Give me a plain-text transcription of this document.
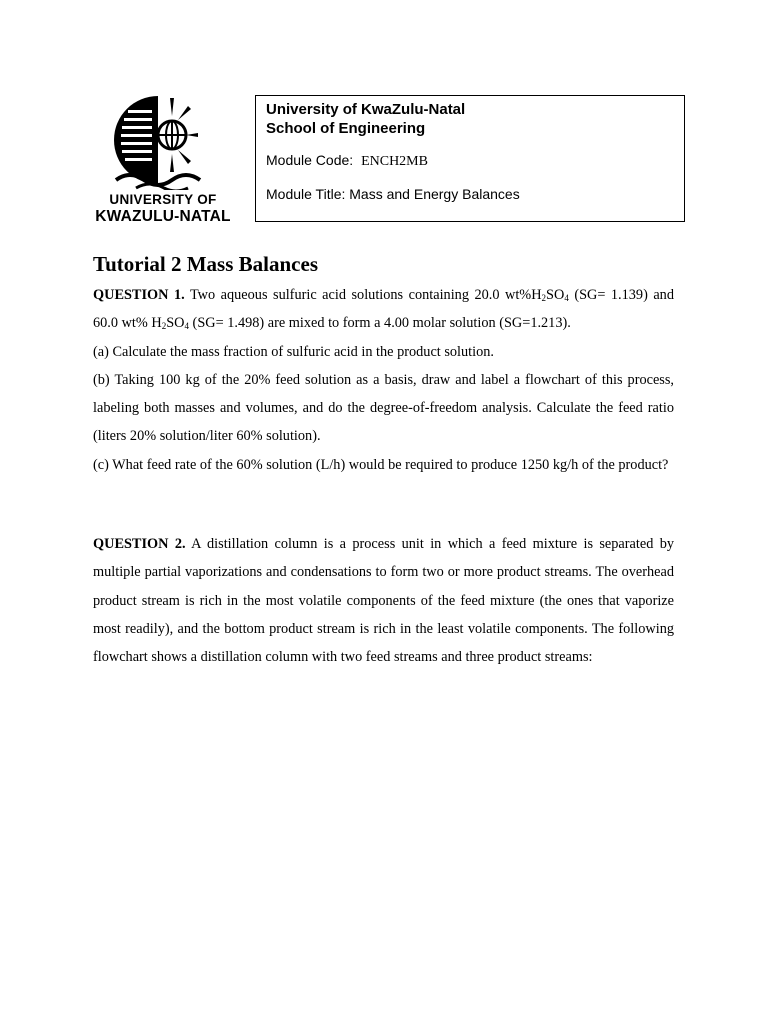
UNIVERSITY OF
KWAZULU-NATAL
University of KwaZulu-Natal
School of Engineering
Module Code: ENCH2MB
Module Title: Mass and Energy Balances
Tutorial 2 Mass Balances

QUESTION 1. Two aqueous sulfuric acid solutions containing 20.0 $wt\%H_2SO_4$ (SG= 1.139) and 60.0 wt% $H_2SO_4$ (SG= 1.498) are mixed to form a 4.00 molar solution (SG=1.213).

(a) Calculate the mass fraction of sulfuric acid in the product solution.

(b) Taking 100 kg of the 20% feed solution as a basis, draw and label a flowchart of this process, labeling both masses and volumes, and do the degree-of-freedom analysis. Calculate the feed ratio (liters 20% solution/liter 60% solution).

(c) What feed rate of the 60% solution (L/h) would be required to produce 1250 kg/h of the product?

QUESTION 2. A distillation column is a process unit in which a feed mixture is separated by multiple partial vaporizations and condensations to form two or more product streams. The overhead product stream is rich in the most volatile components of the feed mixture (the ones that vaporize most readily), and the bottom product stream is rich in the least volatile components. The following flowchart shows a distillation column with two feed streams and three product streams:
